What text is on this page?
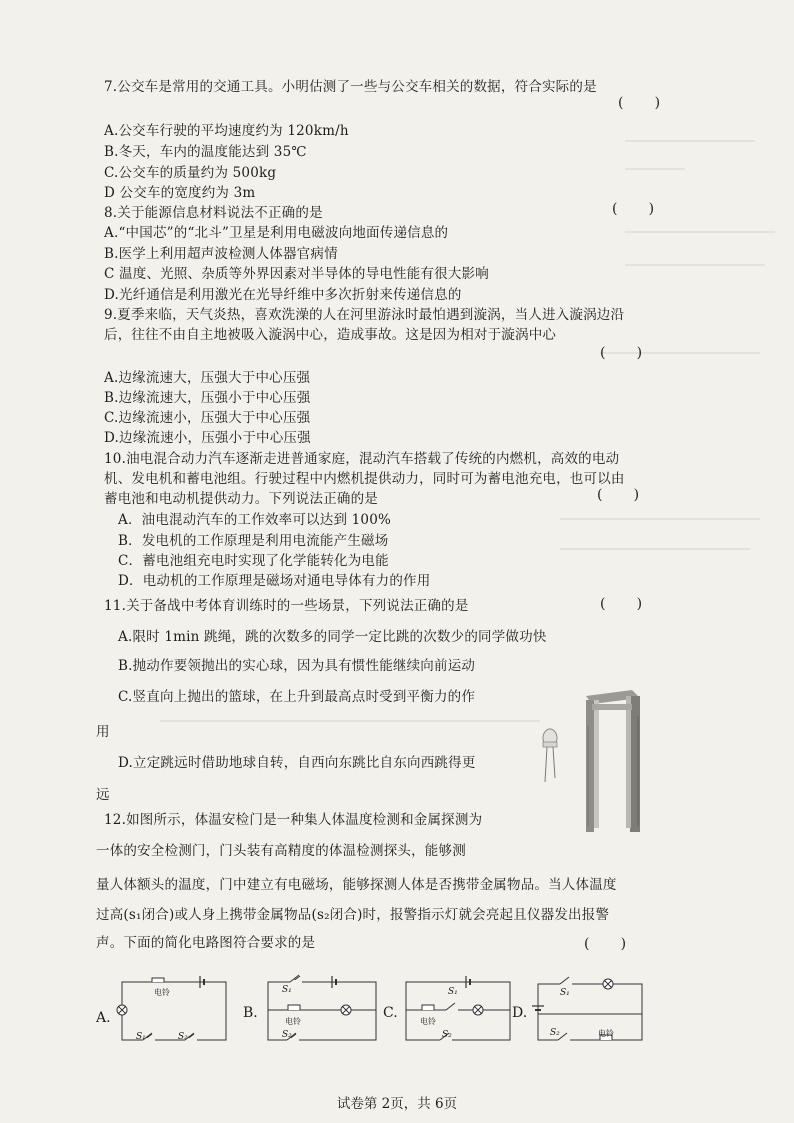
7.公交车是常用的交通工具。小明估测了一些与公交车相关的数据，符合实际的是
(       )
A.公交车行驶的平均速度约为 120km/h
B.冬天，车内的温度能达到 35℃
C.公交车的质量约为 500kg
D 公交车的宽度约为 3m
8.关于能源信息材料说法不正确的是	(       )
A.“中国芯”的“北斗”卫星是利用电磁波向地面传递信息的
B.医学上利用超声波检测人体器官病情
C 温度、光照、杂质等外界因素对半导体的导电性能有很大影响
D.光纤通信是利用激光在光导纤维中多次折射来传递信息的
9.夏季来临，天气炎热，喜欢洗澡的人在河里游泳时最怕遇到漩涡，当人进入漩涡边沿
后，往往不由自主地被吸入漩涡中心，造成事故。这是因为相对于漩涡中心
(       )
A.边缘流速大，压强大于中心压强
B.边缘流速大，压强小于中心压强
C.边缘流速小，压强大于中心压强
D.边缘流速小，压强小于中心压强
10.油电混合动力汽车逐渐走进普通家庭，混动汽车搭载了传统的内燃机，高效的电动
机、发电机和蓄电池组。行驶过程中内燃机提供动力，同时可为蓄电池充电，也可以由
蓄电池和电动机提供动力。下列说法正确的是	(       )
A．油电混动汽车的工作效率可以达到 100%
B．发电机的工作原理是利用电流能产生磁场
C．蓄电池组充电时实现了化学能转化为电能
D．电动机的工作原理是磁场对通电导体有力的作用
11.关于备战中考体育训练时的一些场景，下列说法正确的是	(       )
A.限时 1min 跳绳，跳的次数多的同学一定比跳的次数少的同学做功快
B.抛动作要领抛出的实心球，因为具有惯性能继续向前运动
C.竖直向上抛出的篮球，在上升到最高点时受到平衡力的作
用
D.立定跳远时借助地球自转，自西向东跳比自东向西跳得更
远
12.如图所示，体温安检门是一种集人体温度检测和金属探测为
一体的安全检测门，门头装有高精度的体温检测探头，能够测
量人体额头的温度，门中建立有电磁场，能够探测人体是否携带金属物品。当人体温度
过高(s₁闭合)或人身上携带金属物品(s₂闭合)时，报警指示灯就会亮起且仪器发出报警
声。下面的简化电路图符合要求的是	(       )
A.
电铃
S₁	S₂
B.
电铃
S₁
S₂
C.
电铃
S₁
S₂
D.
电铃
S₁
S₂
试卷第 2页，共 6页
